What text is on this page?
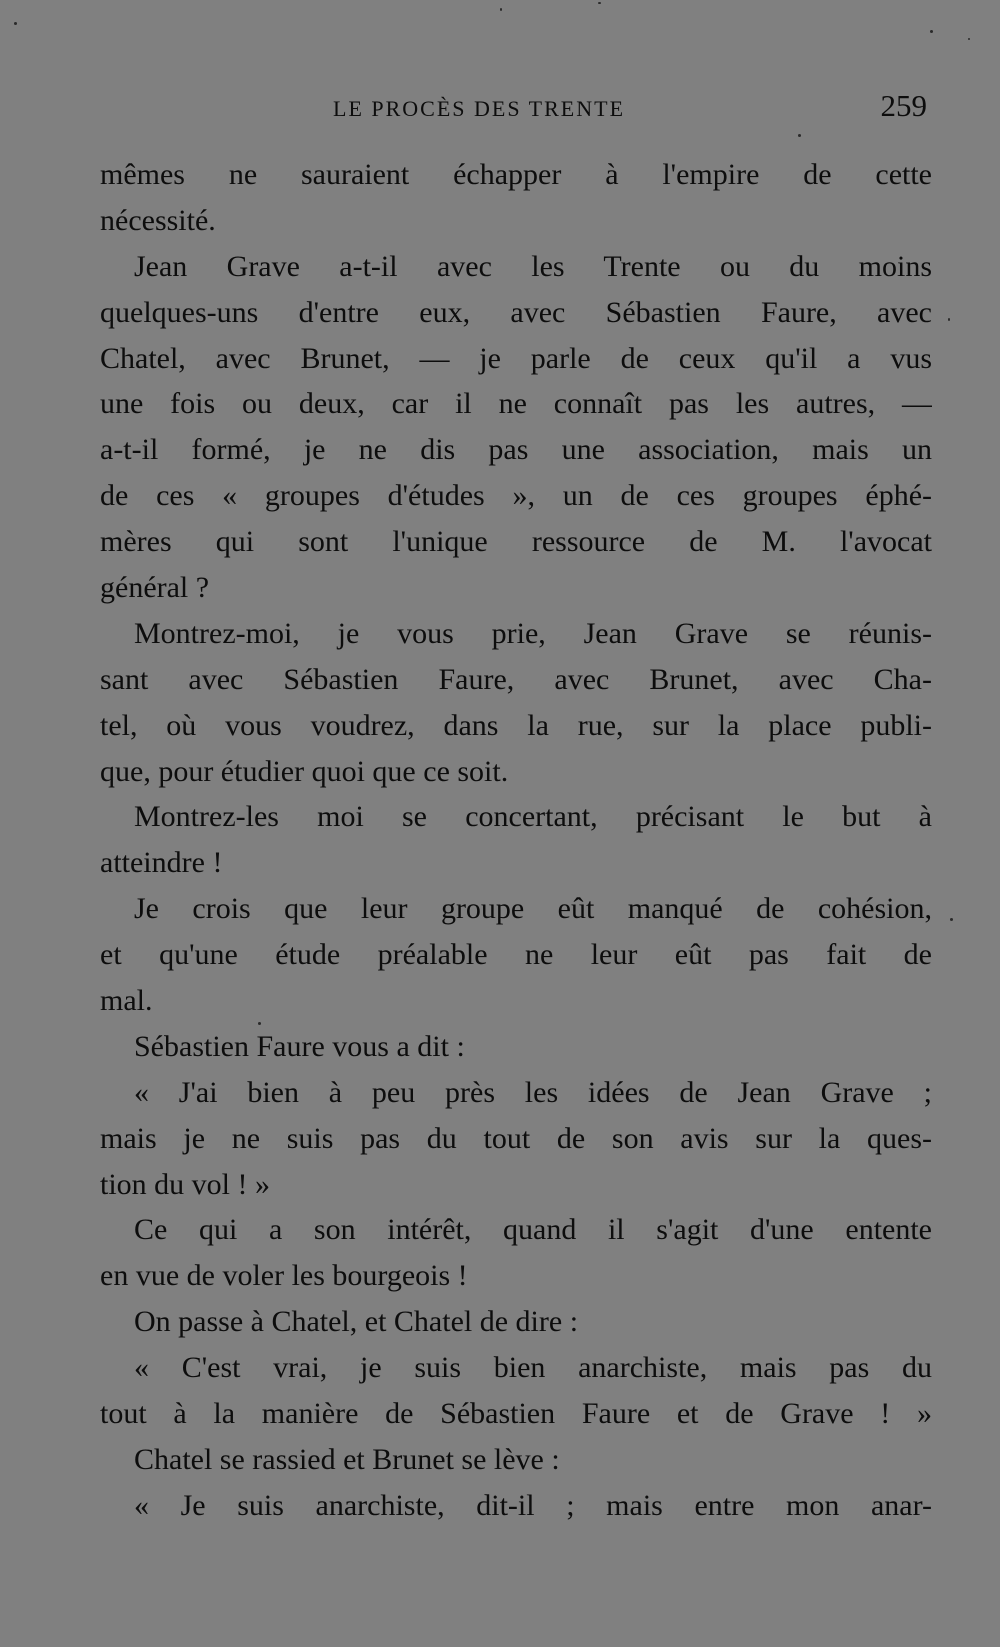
LE PROCÈS DES TRENTE	259
mêmes ne sauraient échapper à l'empire de cette
nécessité.
Jean Grave a-t-il avec les Trente ou du moins
quelques-uns d'entre eux, avec Sébastien Faure, avec
Chatel, avec Brunet, — je parle de ceux qu'il a vus
une fois ou deux, car il ne connaît pas les autres, —
a-t-il formé, je ne dis pas une association, mais un
de ces « groupes d'études », un de ces groupes éphé-
mères qui sont l'unique ressource de M. l'avocat
général ?
Montrez-moi, je vous prie, Jean Grave se réunis-
sant avec Sébastien Faure, avec Brunet, avec Cha-
tel, où vous voudrez, dans la rue, sur la place publi-
que, pour étudier quoi que ce soit.
Montrez-les moi se concertant, précisant le but à
atteindre !
Je crois que leur groupe eût manqué de cohésion,
et qu'une étude préalable ne leur eût pas fait de
mal.
Sébastien Faure vous a dit :
« J'ai bien à peu près les idées de Jean Grave ;
mais je ne suis pas du tout de son avis sur la ques-
tion du vol ! »
Ce qui a son intérêt, quand il s'agit d'une entente
en vue de voler les bourgeois !
On passe à Chatel, et Chatel de dire :
« C'est vrai, je suis bien anarchiste, mais pas du
tout à la manière de Sébastien Faure et de Grave ! »
Chatel se rassied et Brunet se lève :
« Je suis anarchiste, dit-il ; mais entre mon anar-
